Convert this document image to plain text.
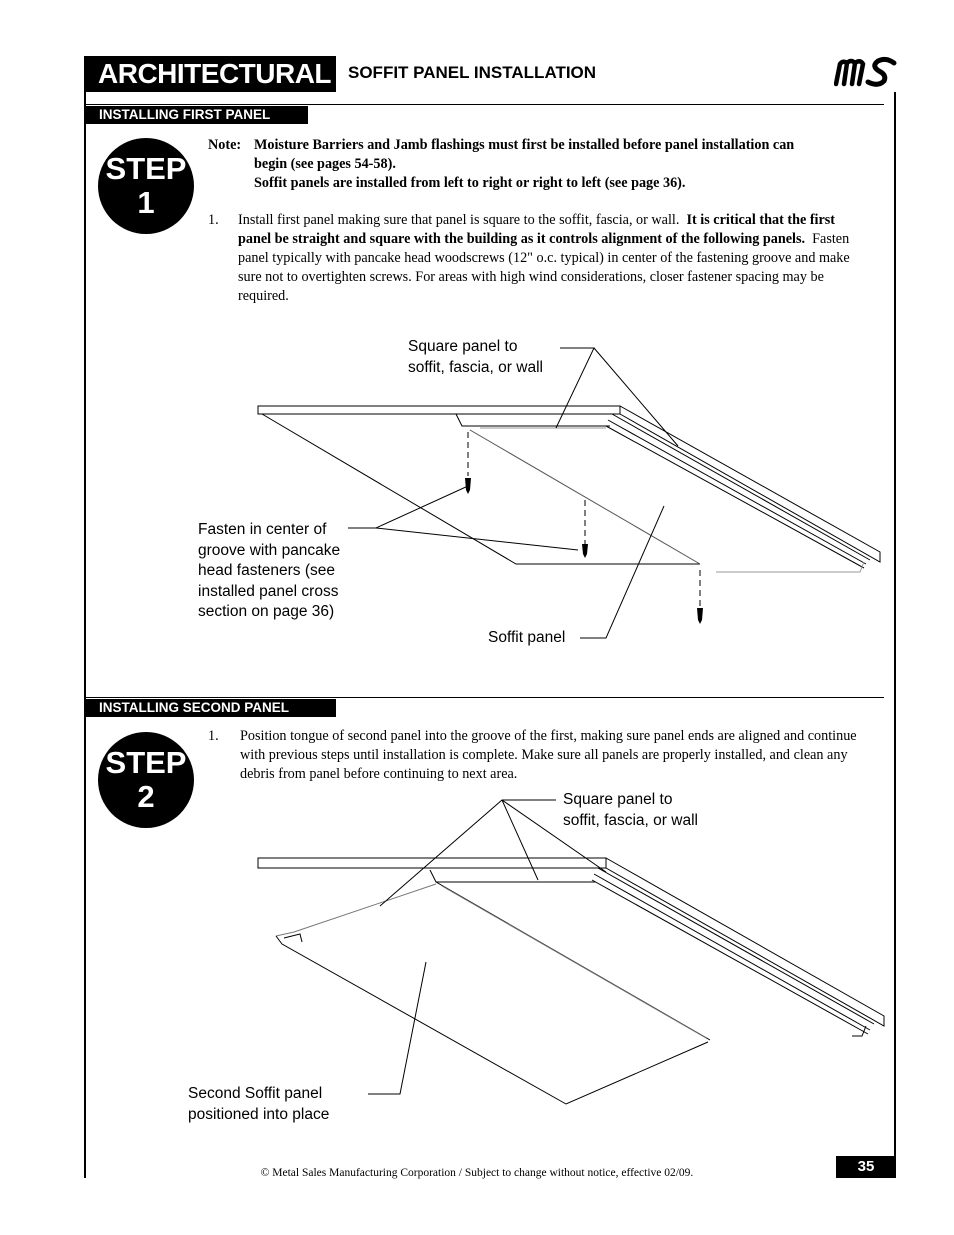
ARCHITECTURAL SOFFIT PANEL INSTALLATION
INSTALLING FIRST PANEL
STEP
1
Note: Moisture Barriers and Jamb flashings must first be installed before panel installation can
begin (see pages 54-58).
Soffit panels are installed from left to right or right to left (see page 36).
1. Install first panel making sure that panel is square to the soffit, fascia, or wall. It is critical that the first panel be straight and square with the building as it controls alignment of the following panels. Fasten panel typically with pancake head woodscrews (12" o.c. typical) in center of the fastening groove and make sure not to overtighten screws. For areas with high wind considerations, closer fastener spacing may be required.
Square panel to
soffit, fascia, or wall
Fasten in center of
groove with pancake
head fasteners (see
installed panel cross
section on page 36)
Soffit panel
INSTALLING SECOND PANEL
STEP
2
1. Position tongue of second panel into the groove of the first, making sure panel ends are aligned and continue with previous steps until installation is complete. Make sure all panels are properly installed, and clean any debris from panel before continuing to next area.
Square panel to
soffit, fascia, or wall
Second Soffit panel
positioned into place
© Metal Sales Manufacturing Corporation / Subject to change without notice, effective 02/09.	35
